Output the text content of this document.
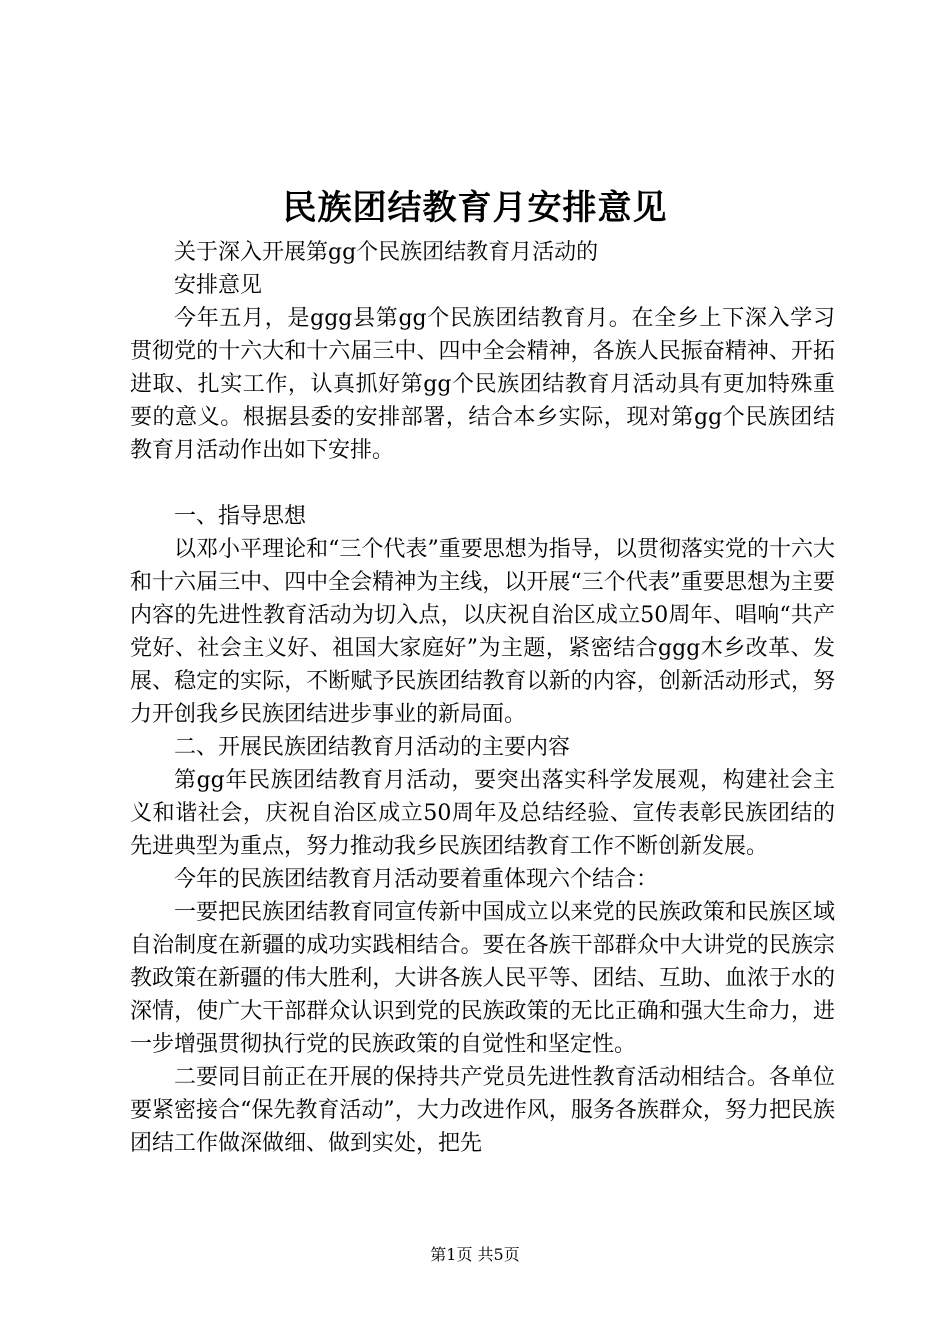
民族团结教育月安排意见

关于深入开展第gg个民族团结教育月活动的

安排意见

今年五月，是ggg县第gg个民族团结教育月。在全乡上下深入学习贯彻党的十六大和十六届三中、四中全会精神，各族人民振奋精神、开拓进取、扎实工作，认真抓好第gg个民族团结教育月活动具有更加特殊重要的意义。根据县委的安排部署，结合本乡实际，现对第gg个民族团结教育月活动作出如下安排。

一、指导思想

以邓小平理论和“三个代表”重要思想为指导，以贯彻落实党的十六大和十六届三中、四中全会精神为主线，以开展“三个代表”重要思想为主要内容的先进性教育活动为切入点，以庆祝自治区成立50周年、唱响“共产党好、社会主义好、祖国大家庭好”为主题，紧密结合ggg木乡改革、发展、稳定的实际，不断赋予民族团结教育以新的内容，创新活动形式，努力开创我乡民族团结进步事业的新局面。

二、开展民族团结教育月活动的主要内容

第gg年民族团结教育月活动，要突出落实科学发展观，构建社会主义和谐社会，庆祝自治区成立50周年及总结经验、宣传表彰民族团结的先进典型为重点，努力推动我乡民族团结教育工作不断创新发展。

今年的民族团结教育月活动要着重体现六个结合：

一要把民族团结教育同宣传新中国成立以来党的民族政策和民族区域自治制度在新疆的成功实践相结合。要在各族干部群众中大讲党的民族宗教政策在新疆的伟大胜利，大讲各族人民平等、团结、互助、血浓于水的深情，使广大干部群众认识到党的民族政策的无比正确和强大生命力，进一步增强贯彻执行党的民族政策的自觉性和坚定性。

二要同目前正在开展的保持共产党员先进性教育活动相结合。各单位要紧密接合“保先教育活动”，大力改进作风，服务各族群众，努力把民族团结工作做深做细、做到实处，把先

第1页 共5页
